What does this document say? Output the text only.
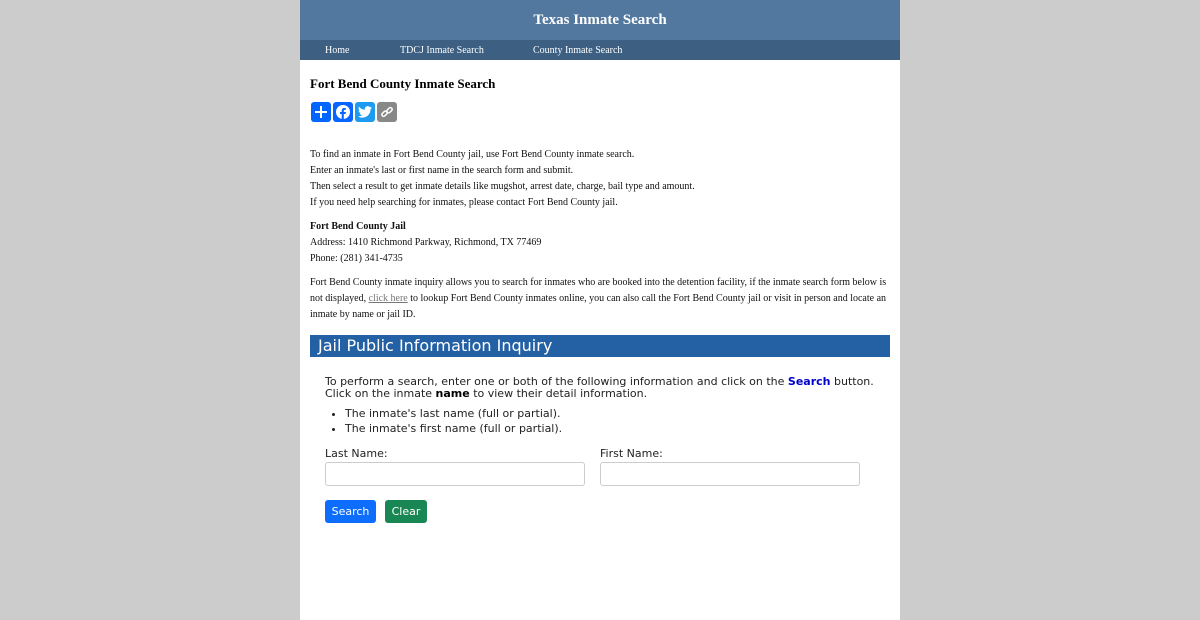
Texas Inmate Search
Home	TDCJ Inmate Search	County Inmate Search
Fort Bend County Inmate Search
To find an inmate in Fort Bend County jail, use Fort Bend County inmate search.
Enter an inmate's last or first name in the search form and submit.
Then select a result to get inmate details like mugshot, arrest date, charge, bail type and amount.
If you need help searching for inmates, please contact Fort Bend County jail.
Fort Bend County Jail
Address: 1410 Richmond Parkway, Richmond, TX 77469
Phone: (281) 341-4735
Fort Bend County inmate inquiry allows you to search for inmates who are booked into the detention facility, if the inmate search form below is not displayed, click here to lookup Fort Bend County inmates online, you can also call the Fort Bend County jail or visit in person and locate an inmate by name or jail ID.
Jail Public Information Inquiry

To perform a search, enter one or both of the following information and click on the Search button. Click on the inmate name to view their detail information.

• The inmate's last name (full or partial).
• The inmate's first name (full or partial).
Last Name:	First Name:
Search	Clear
